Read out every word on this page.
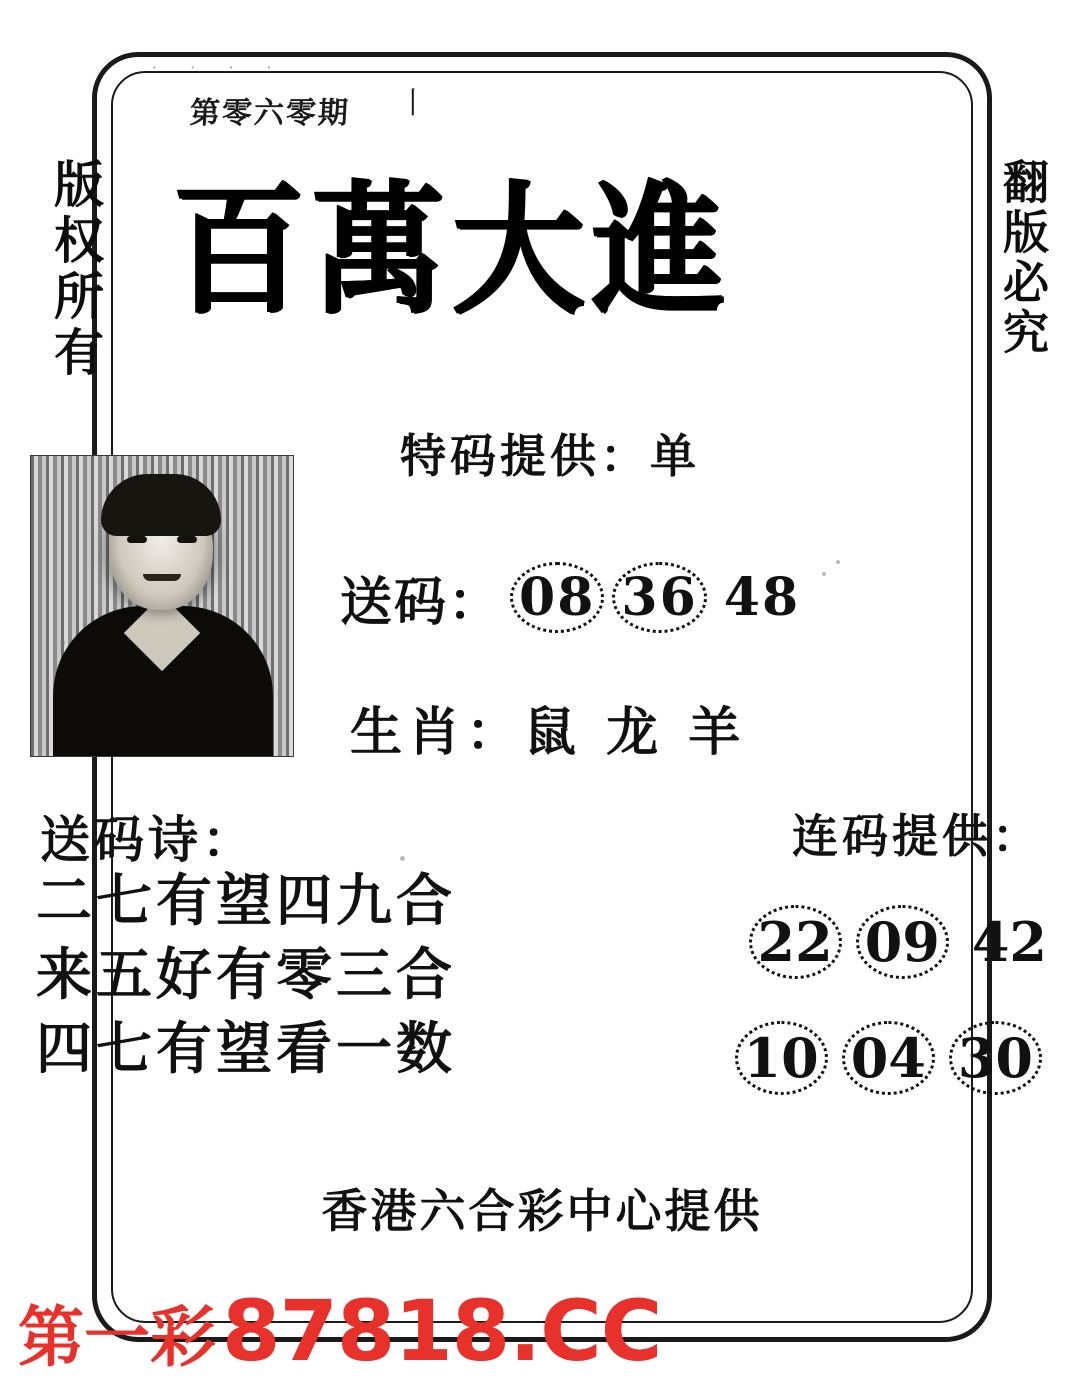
· · · ·
第零六零期 丨
版权所有	翻版必究
百萬大進
特码提供：单
送码： 08 36 48
生肖：鼠 龙 羊
送码诗：
二七有望四九合
来五好有零三合
四七有望看一数
连码提供：
22 09 42
10 04 30
香港六合彩中心提供
第一彩 87818.CC
